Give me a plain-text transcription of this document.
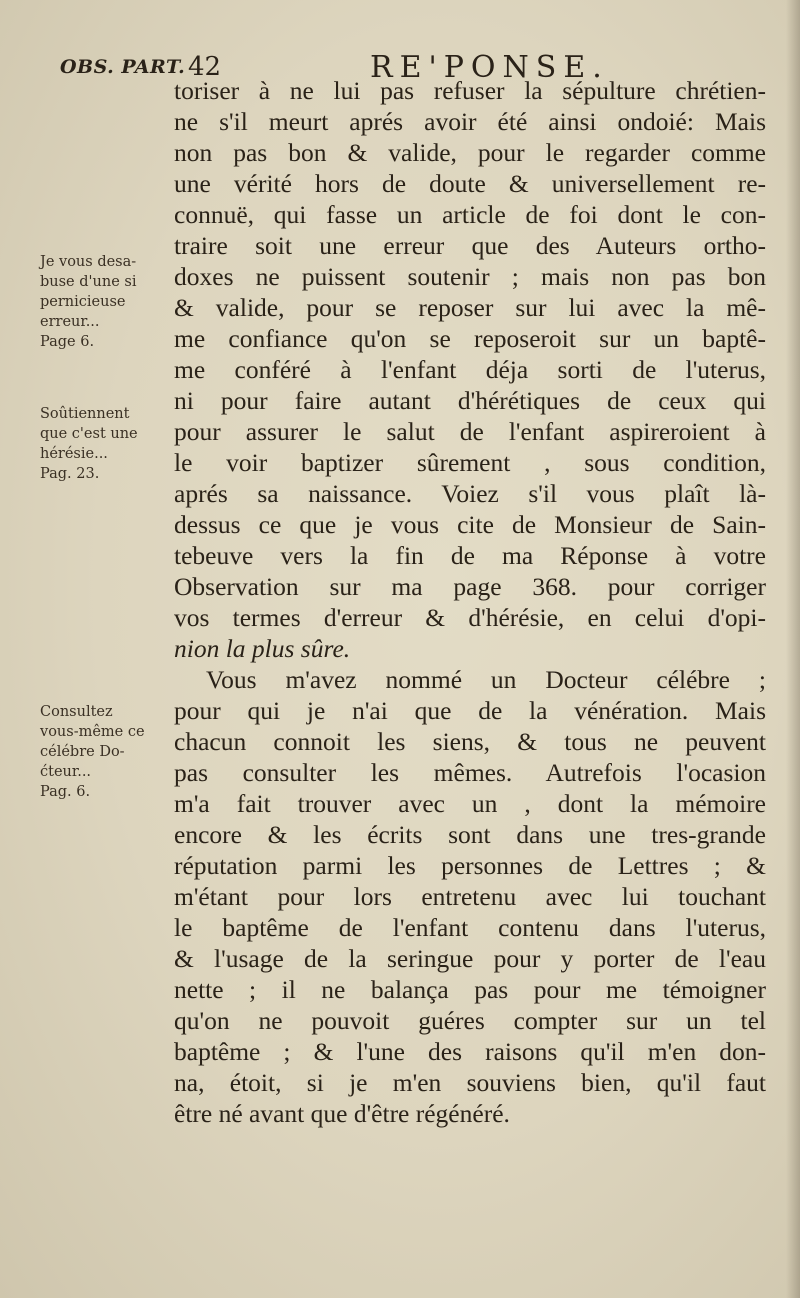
OBS. PART. 42	RE'PONSE.
Je vous desa-
buse d'une si
pernicieuse
erreur...
Page 6.
Soûtiennent
que c'est une
hérésie...
Pag. 23.
Consultez
vous-même ce
célébre Do-
ćteur...
Pag. 6.
toriser à ne lui pas refuser la sépulture chrétien-
ne s'il meurt aprés avoir été ainsi ondoié: Mais
non pas bon & valide, pour le regarder comme
une vérité hors de doute & universellement re-
connuë, qui fasse un article de foi dont le con-
traire soit une erreur que des Auteurs ortho-
doxes ne puissent soutenir ; mais non pas bon
& valide, pour se reposer sur lui avec la mê-
me confiance qu'on se reposeroit sur un baptê-
me conféré à l'enfant déja sorti de l'uterus,
ni pour faire autant d'hérétiques de ceux qui
pour assurer le salut de l'enfant aspireroient à
le voir baptizer sûrement , sous condition,
aprés sa naissance. Voiez s'il vous plaît là-
dessus ce que je vous cite de Monsieur de Sain-
tebeuve vers la fin de ma Réponse à votre
Observation sur ma page 368. pour corriger
vos termes d'erreur & d'hérésie, en celui d'opi-
nion la plus sûre.
Vous m'avez nommé un Docteur célébre ;
pour qui je n'ai que de la vénération. Mais
chacun connoit les siens, & tous ne peuvent
pas consulter les mêmes. Autrefois l'ocasion
m'a fait trouver avec un , dont la mémoire
encore & les écrits sont dans une tres-grande
réputation parmi les personnes de Lettres ; &
m'étant pour lors entretenu avec lui touchant
le baptême de l'enfant contenu dans l'uterus,
& l'usage de la seringue pour y porter de l'eau
nette ; il ne balança pas pour me témoigner
qu'on ne pouvoit guéres compter sur un tel
baptême ; & l'une des raisons qu'il m'en don-
na, étoit, si je m'en souviens bien, qu'il faut
être né avant que d'être régénéré.
